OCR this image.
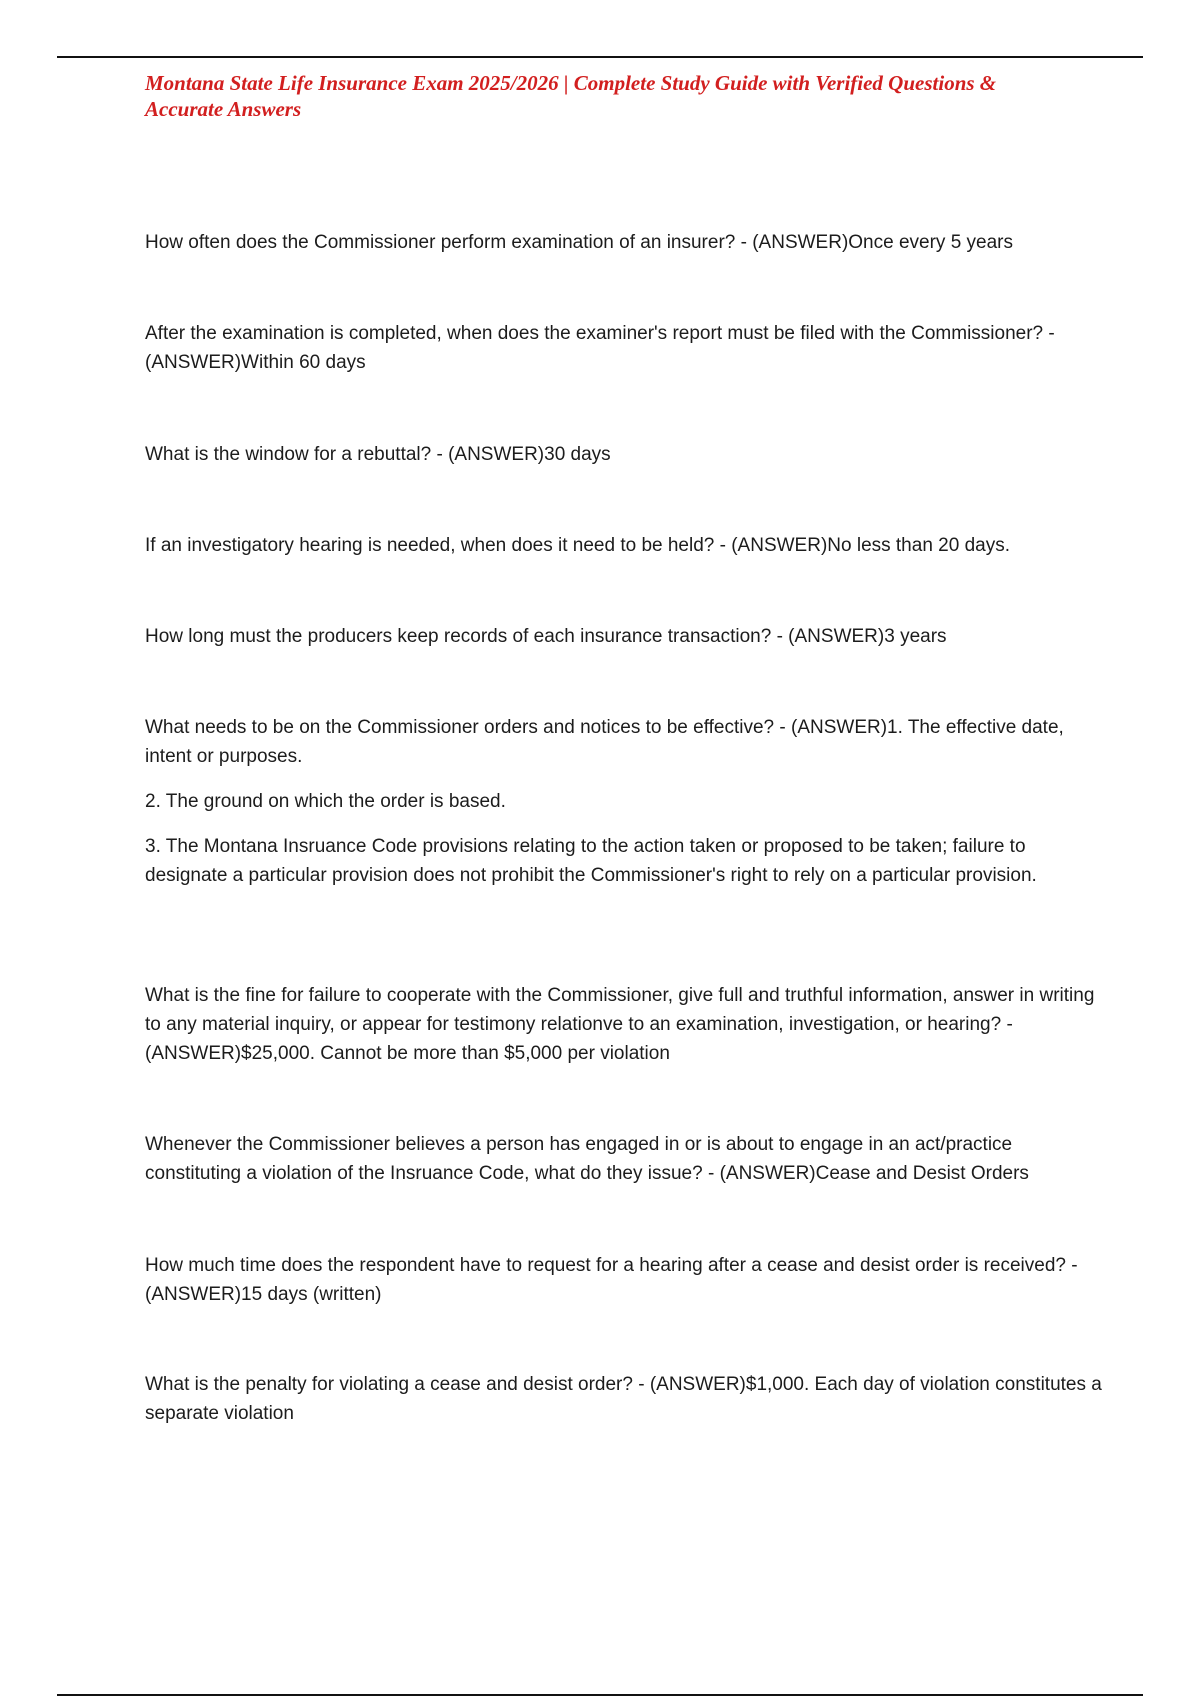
Montana State Life Insurance Exam 2025/2026 | Complete Study Guide with Verified Questions & Accurate Answers

How often does the Commissioner perform examination of an insurer? - (ANSWER)Once every 5 years

After the examination is completed, when does the examiner's report must be filed with the Commissioner? - (ANSWER)Within 60 days

What is the window for a rebuttal? - (ANSWER)30 days

If an investigatory hearing is needed, when does it need to be held? - (ANSWER)No less than 20 days.

How long must the producers keep records of each insurance transaction? - (ANSWER)3 years

What needs to be on the Commissioner orders and notices to be effective? - (ANSWER)1. The effective date, intent or purposes.

2. The ground on which the order is based.

3. The Montana Insruance Code provisions relating to the action taken or proposed to be taken; failure to designate a particular provision does not prohibit the Commissioner's right to rely on a particular provision.

What is the fine for failure to cooperate with the Commissioner, give full and truthful information, answer in writing to any material inquiry, or appear for testimony relationve to an examination, investigation, or hearing? - (ANSWER)$25,000. Cannot be more than $5,000 per violation

Whenever the Commissioner believes a person has engaged in or is about to engage in an act/practice constituting a violation of the Insruance Code, what do they issue? - (ANSWER)Cease and Desist Orders

How much time does the respondent have to request for a hearing after a cease and desist order is received? - (ANSWER)15 days (written)

What is the penalty for violating a cease and desist order? - (ANSWER)$1,000. Each day of violation constitutes a separate violation
